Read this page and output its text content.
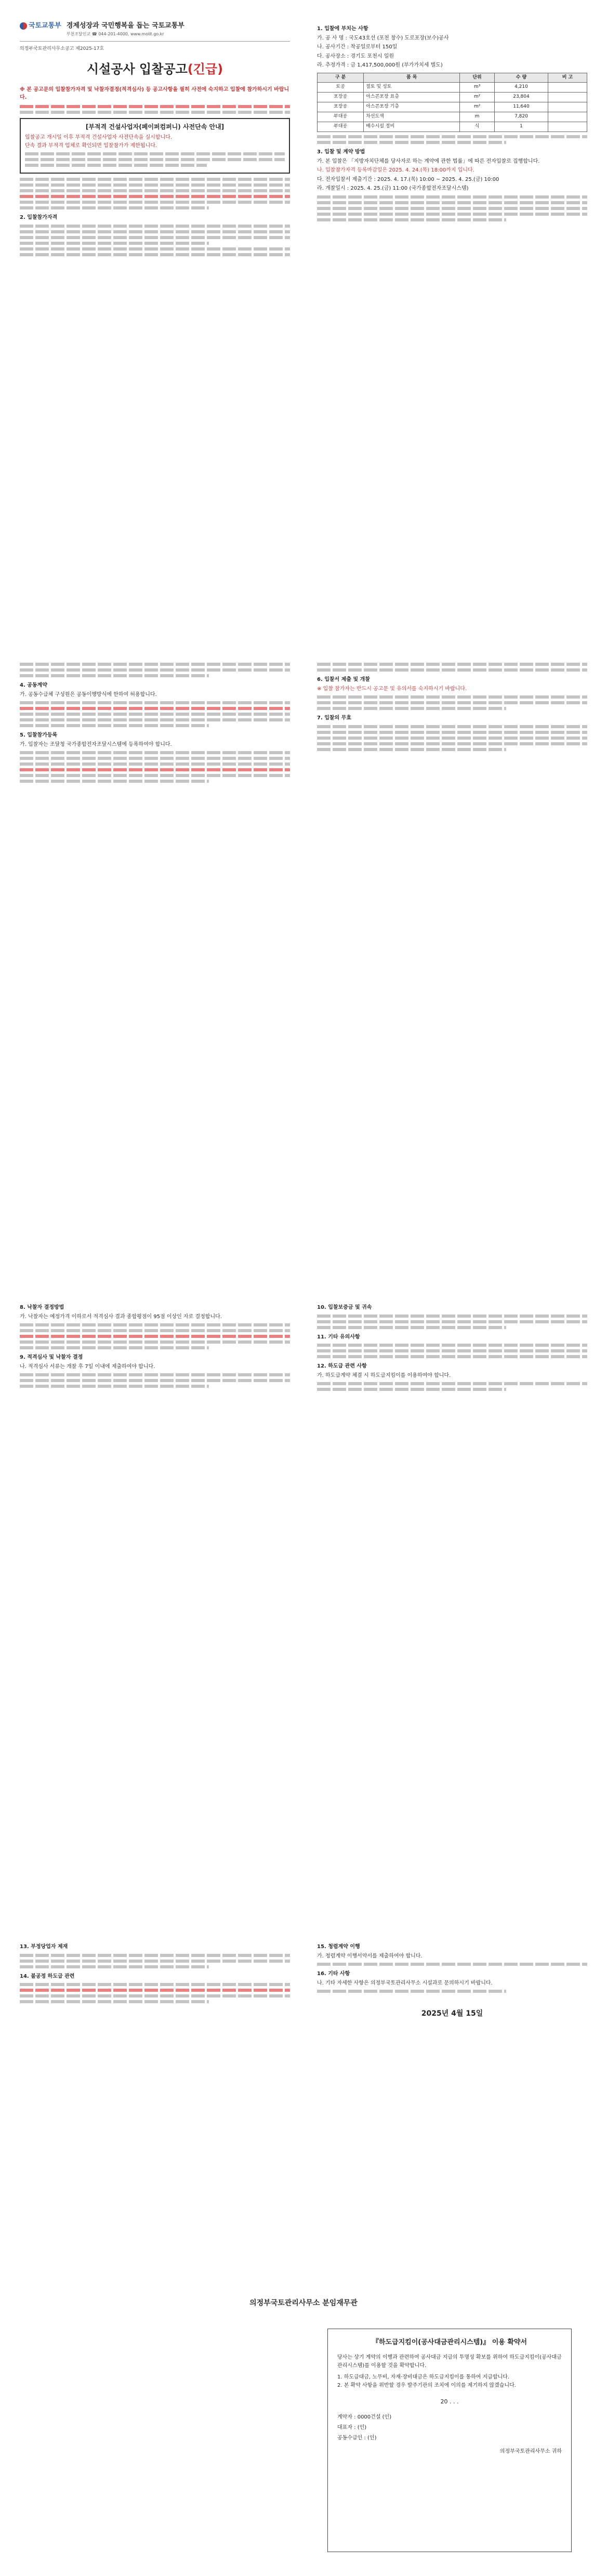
국토교통부 경제성장과 국민행복을 돕는 국토교통부
부천조달인교 ☎ 044-201-4000, www.molit.go.kr
의정부국토관리사무소공고 제2025-17호
시설공사 입찰공고(긴급)
※ 본 공고문의 입찰참가자격 및 낙찰자결정(적격심사) 등 공고사항을 필히 사전에 숙지하고 입찰에 참가하시기 바랍니다.
[부적격 건설사업자(페이퍼컴퍼니) 사전단속 안내]
입찰공고 개시일 이후 부적격 건설사업자 사전단속을 실시합니다.
단속 결과 부적격 업체로 확인되면 입찰참가가 제한됩니다.
2. 입찰참가자격
1. 입찰에 부치는 사항
가. 공 사 명 : 국도43호선 (포천 창수) 도로포장(보수)공사
나. 공사기간 : 착공일로부터 150일
다. 공사장소 : 경기도 포천시 일원
라. 추정가격 : 금 1,417,500,000원 (부가가치세 별도)
구 분	품 목	단위	수 량	비 고
토공	절토 및 성토	m³	4,210	
포장공	아스콘포장 표층	m²	23,804	
포장공	아스콘포장 기층	m²	11,640	
부대공	차선도색	m	7,820	
부대공	배수시설 정비	식	1	
3. 입찰 및 계약 방법
가. 본 입찰은 「지방자치단체를 당사자로 하는 계약에 관한 법률」에 따른 전자입찰로 집행합니다.
나. 입찰참가자격 등록마감일은 2025. 4. 24.(목) 18:00까지 입니다.
다. 전자입찰서 제출기간 : 2025. 4. 17.(목) 10:00 ~ 2025. 4. 25.(금) 10:00
라. 개찰일시 : 2025. 4. 25.(금) 11:00 (국가종합전자조달시스템)
4. 공동계약
가. 공동수급체 구성원은 공동이행방식에 한하여 허용합니다.
5. 입찰참가등록
가. 입찰자는 조달청 국가종합전자조달시스템에 등록하여야 합니다.
6. 입찰서 제출 및 개찰
※ 입찰 참가자는 반드시 공고문 및 유의서를 숙지하시기 바랍니다.
7. 입찰의 무효
8. 낙찰자 결정방법
가. 낙찰자는 예정가격 이하로서 적격심사 결과 종합평점이 95점 이상인 자로 결정합니다.
9. 적격심사 및 낙찰자 결정
나. 적격심사 서류는 개찰 후 7일 이내에 제출하여야 합니다.
10. 입찰보증금 및 귀속
11. 기타 유의사항
12. 하도급 관련 사항
가. 하도급계약 체결 시 하도급지킴이를 이용하여야 합니다.
13. 부정당업자 제재
14. 불공정 하도급 관련
15. 청렴계약 이행
가. 청렴계약 이행서약서를 제출하여야 합니다.
16. 기타 사항
나. 기타 자세한 사항은 의정부국토관리사무소 시설과로 문의하시기 바랍니다.
2025년 4월 15일
의정부국토관리사무소 분임재무관
『하도급지킴이(공사대금관리시스템)』 이용 확약서
당사는 상기 계약의 이행과 관련하여 공사대금 지급의 투명성 확보를 위하여 하도급지킴이(공사대금관리시스템)를 이용할 것을 확약합니다.
1. 하도급대금, 노무비, 자재·장비대금은 하도급지킴이를 통하여 지급합니다.
2. 본 확약 사항을 위반할 경우 발주기관의 조치에 이의를 제기하지 않겠습니다.
20 . . .
계약자 : 0000건설 (인)
대표자 : (인)
공동수급인 : (인)
의정부국토관리사무소 귀하
